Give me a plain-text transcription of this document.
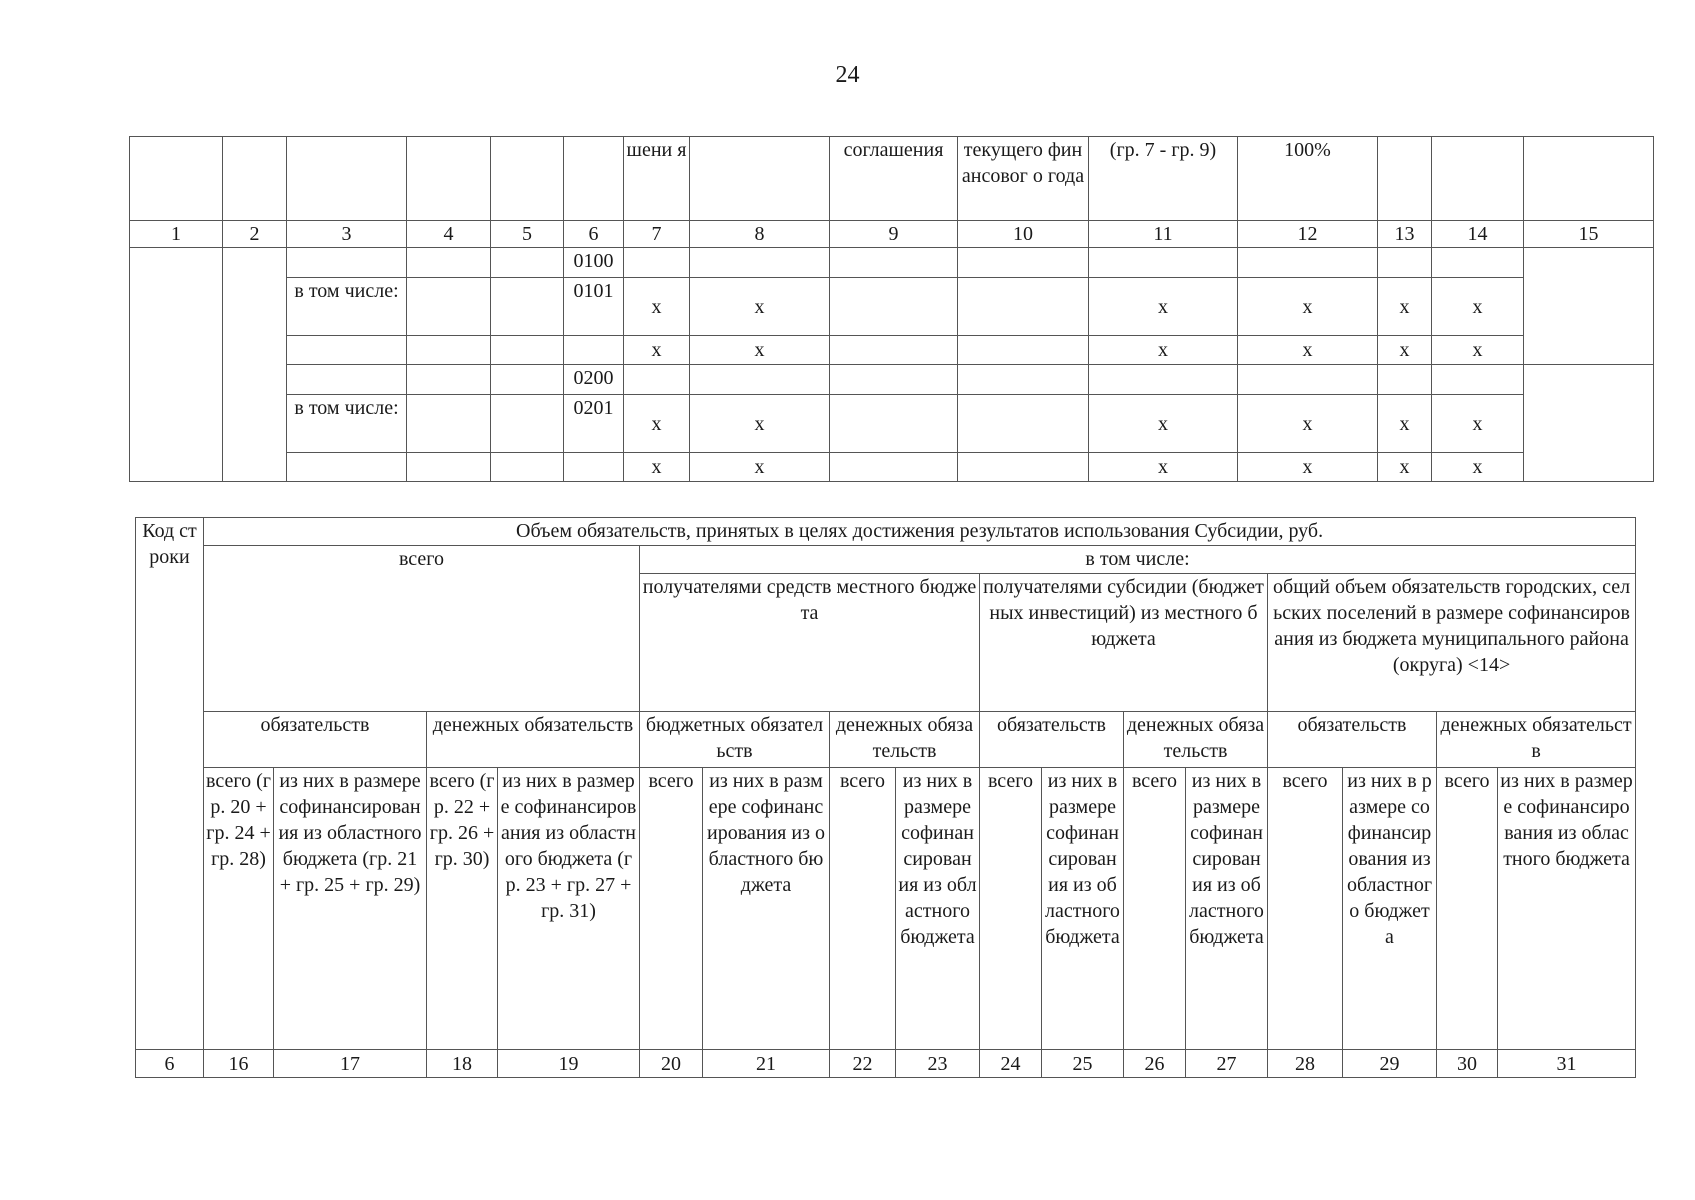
24
						шени я		соглашения	текущего финансовог о года	(гр. 7 - гр. 9)	100%			
1	2	3	4	5	6	7	8	9	10	11	12	13	14	15
					0100									
		в том числе:			0101	x	x			x	x	x	x	
						x	x			x	x	x	x	
					0200									
		в том числе:			0201	x	x			x	x	x	x	
						x	x			x	x	x	x	
Код строки	Объем обязательств, принятых в целях достижения результатов использования Субсидии, руб.															
	всего				в том числе:											
					получателями средств местного бюджета				получателями субсидии (бюджетных инвестиций) из местного бюджета				общий объем обязательств городских, сельских поселений в размере софинансирования из бюджета муниципального района (округа) <14>			
	обязательств		денежных обязательств		бюджетных обязательств		денежных обязательств		обязательств		денежных обязательств		обязательств		денежных обязательств	
	всего (гр. 20 + гр. 24 + гр. 28)	из них в размере софинансирования из областного бюджета (гр. 21 + гр. 25 + гр. 29)	всего (гр. 22 + гр. 26 + гр. 30)	из них в размере софинансирования из областного бюджета (гр. 23 + гр. 27 + гр. 31)	всего	из них в размере софинансирования из областного бюджета	всего	из них в размере софинансирования из областного бюджета	всего	из них в размере софинансирования из областного бюджета	всего	из них в размере софинансирования из областного бюджета	всего	из них в размере софинансирования из областного бюджета	всего	из них в размере софинансирования из областного бюджета
6	16	17	18	19	20	21	22	23	24	25	26	27	28	29	30	31
